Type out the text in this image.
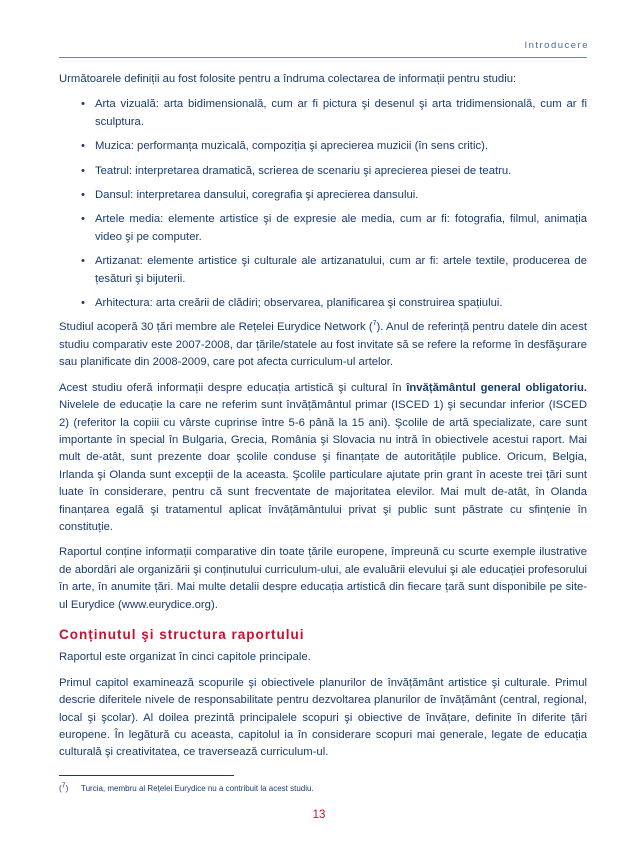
Introducere

Următoarele definiții au fost folosite pentru a îndruma colectarea de informații pentru studiu:

• Arta vizuală: arta bidimensională, cum ar fi pictura şi desenul şi arta tridimensională, cum ar fi sculptura.
• Muzica: performanța muzicală, compoziția şi aprecierea muzicii (în sens critic).
• Teatrul: interpretarea dramatică, scrierea de scenariu şi aprecierea piesei de teatru.
• Dansul: interpretarea dansului, coregrafia şi aprecierea dansului.
• Artele media: elemente artistice şi de expresie ale media, cum ar fi: fotografia, filmul, animația video şi pe computer.
• Artizanat: elemente artistice şi culturale ale artizanatului, cum ar fi: artele textile, producerea de țesături şi bijuterii.
• Arhitectura: arta creării de clădiri; observarea, planificarea şi construirea spațiului.

Studiul acoperă 30 țări membre ale Rețelei Eurydice Network ($^7$). Anul de referință pentru datele din acest studiu comparativ este 2007-2008, dar țările/statele au fost invitate să se refere la reforme în desfăşurare sau planificate din 2008-2009, care pot afecta curriculum-ul artelor.

Acest studiu oferă informații despre educația artistică şi cultural în învățământul general obligatoriu. Nivelele de educație la care ne referim sunt învățământul primar (ISCED 1) şi secundar inferior (ISCED 2) (referitor la copiii cu vârste cuprinse între 5-6 până la 15 ani). Şcolile de artă specializate, care sunt importante în special în Bulgaria, Grecia, România şi Slovacia nu intră în obiectivele acestui raport. Mai mult de-atât, sunt prezente doar şcolile conduse şi finanțate de autoritățile publice. Oricum, Belgia, Irlanda şi Olanda sunt excepții de la aceasta. Şcolile particulare ajutate prin grant în aceste trei țări sunt luate în considerare, pentru că sunt frecventate de majoritatea elevilor. Mai mult de-atât, în Olanda finanțarea egală şi tratamentul aplicat învățământului privat şi public sunt păstrate cu sfințenie în constituție.

Raportul conține informații comparative din toate țările europene, împreună cu scurte exemple ilustrative de abordări ale organizării şi conținutului curriculum-ului, ale evaluării elevului şi ale educației profesorului în arte, în anumite țări. Mai multe detalii despre educația artistică din fiecare țară sunt disponibile pe site-ul Eurydice (www.eurydice.org).

Conținutul şi structura raportului

Raportul este organizat în cinci capitole principale.

Primul capitol examinează scopurile şi obiectivele planurilor de învățământ artistice şi culturale. Primul descrie diferitele nivele de responsabilitate pentru dezvoltarea planurilor de învățământ (central, regional, local şi şcolar). Al doilea prezintă principalele scopuri şi obiective de învățare, definite în diferite țări europene. În legătură cu aceasta, capitolul ia în considerare scopuri mai generale, legate de educația culturală şi creativitatea, ce traversează curriculum-ul.

($^7$) Turcia, membru al Rețelei Eurydice nu a contribuit la acest studiu.
13
